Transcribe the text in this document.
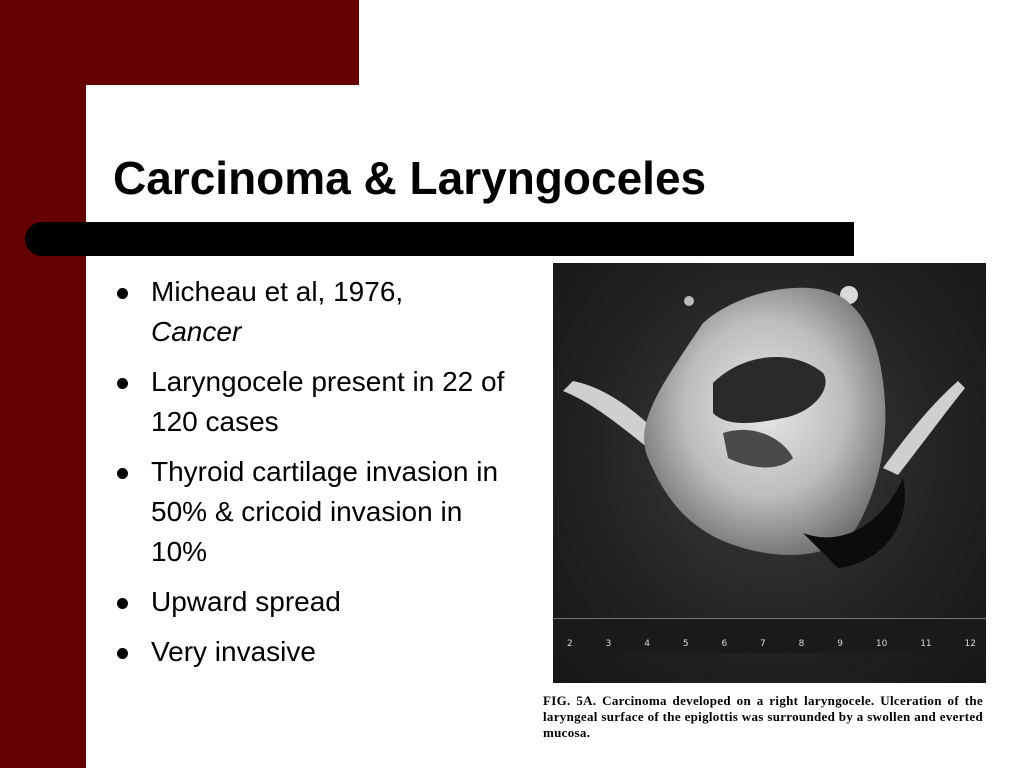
Carcinoma & Laryngoceles
Micheau et al, 1976,
Cancer
Laryngocele present in 22 of 120 cases
Thyroid cartilage invasion in 50% & cricoid invasion in 10%
Upward spread
Very invasive	2	3	4	5	6	7	8	9	10	11	12
FIG. 5A. Carcinoma developed on a right laryngocele. Ulceration of the laryngeal surface of the epiglottis was surrounded by a swollen and everted mucosa.
